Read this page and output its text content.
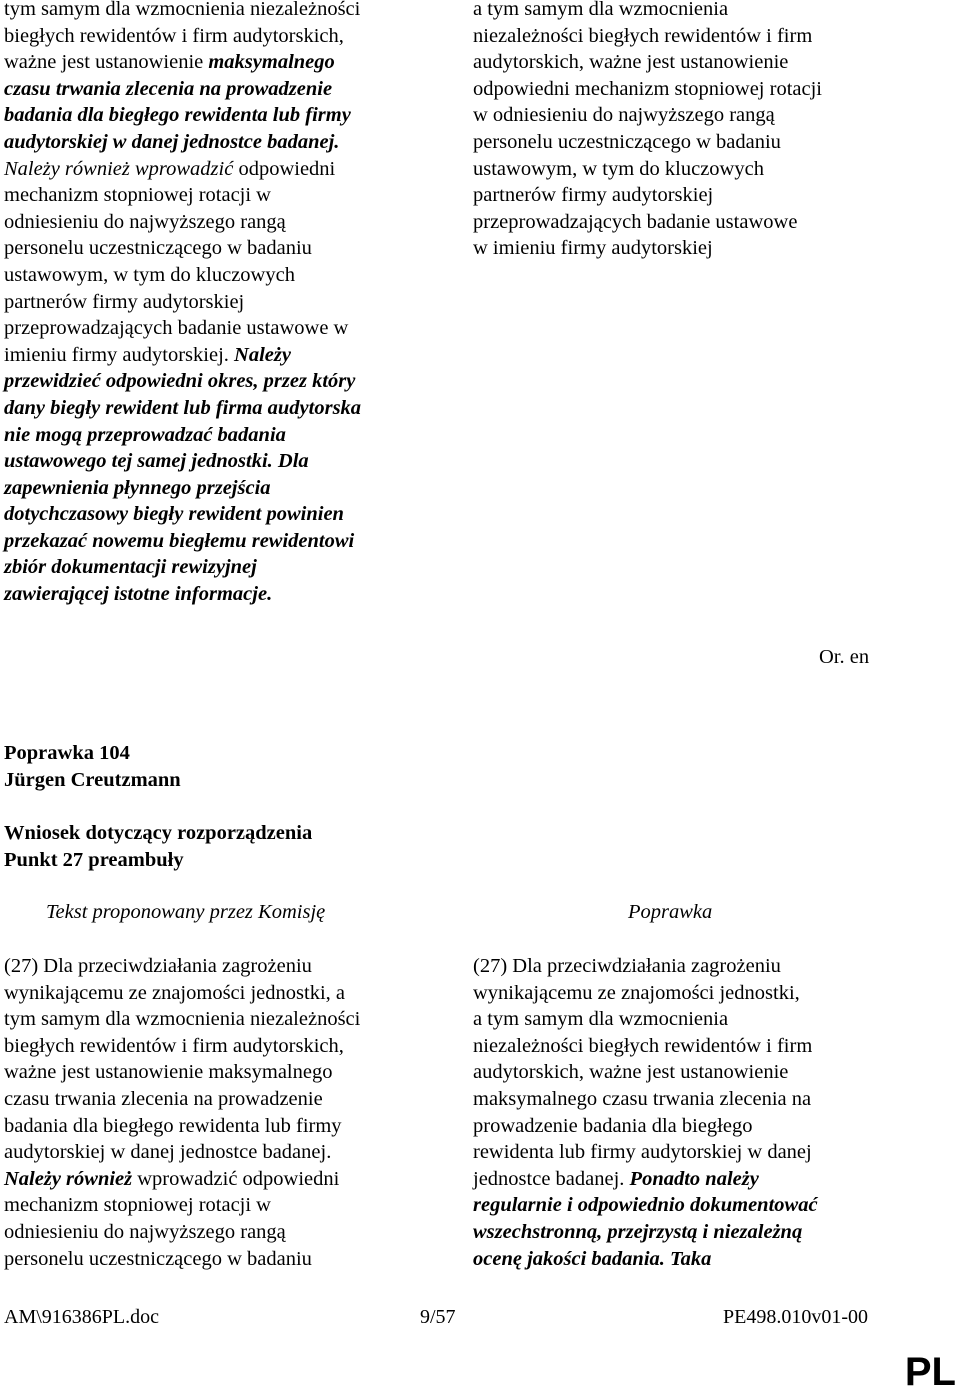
tym samym dla wzmocnienia niezależności
biegłych rewidentów i firm audytorskich,
ważne jest ustanowienie maksymalnego
czasu trwania zlecenia na prowadzenie
badania dla biegłego rewidenta lub firmy
audytorskiej w danej jednostce badanej.
Należy również wprowadzić odpowiedni
mechanizm stopniowej rotacji w
odniesieniu do najwyższego rangą
personelu uczestniczącego w badaniu
ustawowym, w tym do kluczowych
partnerów firmy audytorskiej
przeprowadzających badanie ustawowe w
imieniu firmy audytorskiej. Należy
przewidzieć odpowiedni okres, przez który
dany biegły rewident lub firma audytorska
nie mogą przeprowadzać badania
ustawowego tej samej jednostki. Dla
zapewnienia płynnego przejścia
dotychczasowy biegły rewident powinien
przekazać nowemu biegłemu rewidentowi
zbiór dokumentacji rewizyjnej
zawierającej istotne informacje.
a tym samym dla wzmocnienia
niezależności biegłych rewidentów i firm
audytorskich, ważne jest ustanowienie
odpowiedni mechanizm stopniowej rotacji
w odniesieniu do najwyższego rangą
personelu uczestniczącego w badaniu
ustawowym, w tym do kluczowych
partnerów firmy audytorskiej
przeprowadzających badanie ustawowe
w imieniu firmy audytorskiej
Or. en
Poprawka 104
Jürgen Creutzmann
Wniosek dotyczący rozporządzenia
Punkt 27 preambuły
Tekst proponowany przez Komisję	Poprawka
(27) Dla przeciwdziałania zagrożeniu
wynikającemu ze znajomości jednostki, a
tym samym dla wzmocnienia niezależności
biegłych rewidentów i firm audytorskich,
ważne jest ustanowienie maksymalnego
czasu trwania zlecenia na prowadzenie
badania dla biegłego rewidenta lub firmy
audytorskiej w danej jednostce badanej.
Należy również wprowadzić odpowiedni
mechanizm stopniowej rotacji w
odniesieniu do najwyższego rangą
personelu uczestniczącego w badaniu
(27) Dla przeciwdziałania zagrożeniu
wynikającemu ze znajomości jednostki,
a tym samym dla wzmocnienia
niezależności biegłych rewidentów i firm
audytorskich, ważne jest ustanowienie
maksymalnego czasu trwania zlecenia na
prowadzenie badania dla biegłego
rewidenta lub firmy audytorskiej w danej
jednostce badanej. Ponadto należy
regularnie i odpowiednio dokumentować
wszechstronną, przejrzystą i niezależną
ocenę jakości badania. Taka
AM\916386PL.doc	9/57	PE498.010v01-00
PL
